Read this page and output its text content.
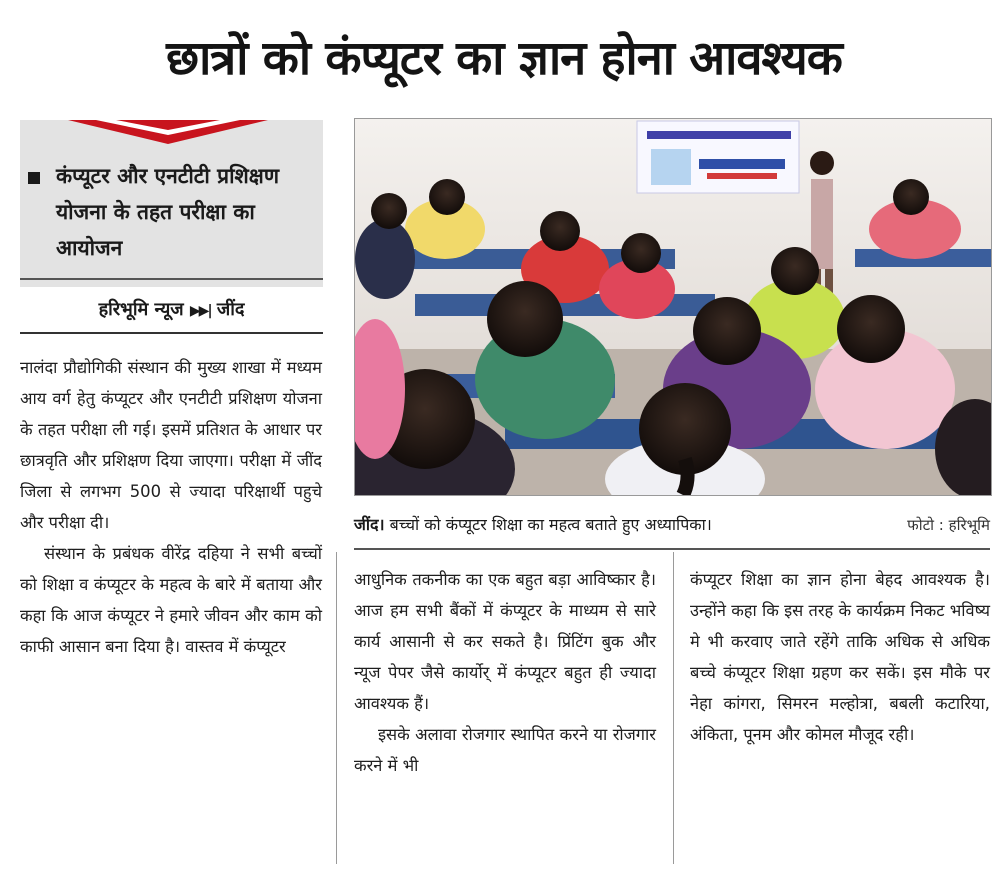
छात्रों को कंप्यूटर का ज्ञान होना आवश्यक

कंप्यूटर और एनटीटी प्रशिक्षण योजना के तहत परीक्षा का आयोजन

हरिभूमि न्यूज ▶▶| जींद

नालंदा प्रौद्योगिकी संस्थान की मुख्य शाखा में मध्यम आय वर्ग हेतु कंप्यूटर और एनटीटी प्रशिक्षण योजना के तहत परीक्षा ली गई। इसमें प्रतिशत के आधार पर छात्रवृति और प्रशिक्षण दिया जाएगा। परीक्षा में जींद जिला से लगभग 500 से ज्यादा परिक्षार्थी पहुचे और परीक्षा दी।

संस्थान के प्रबंधक वीरेंद्र दहिया ने सभी बच्चों को शिक्षा व कंप्यूटर के महत्व के बारे में बताया और कहा कि आज कंप्यूटर ने हमारे जीवन और काम को काफी आसान बना दिया है। वास्तव में कंप्यूटर

जींद। बच्चों को कंप्यूटर शिक्षा का महत्व बताते हुए अध्यापिका।	फोटो : हरिभूमि

आधुनिक तकनीक का एक बहुत बड़ा आविष्कार है। आज हम सभी बैंकों में कंप्यूटर के माध्यम से सारे कार्य आसानी से कर सकते है। प्रिंटिंग बुक और न्यूज पेपर जैसे कार्योर् में कंप्यूटर बहुत ही ज्यादा आवश्यक हैं।

इसके अलावा रोजगार स्थापित करने या रोजगार करने में भी

कंप्यूटर शिक्षा का ज्ञान होना बेहद आवश्यक है। उन्होंने कहा कि इस तरह के कार्यक्रम निकट भविष्य मे भी करवाए जाते रहेंगे ताकि अधिक से अधिक बच्चे कंप्यूटर शिक्षा ग्रहण कर सकें। इस मौके पर नेहा कांगरा, सिमरन मल्होत्रा, बबली कटारिया, अंकिता, पूनम और कोमल मौजूद रही।
